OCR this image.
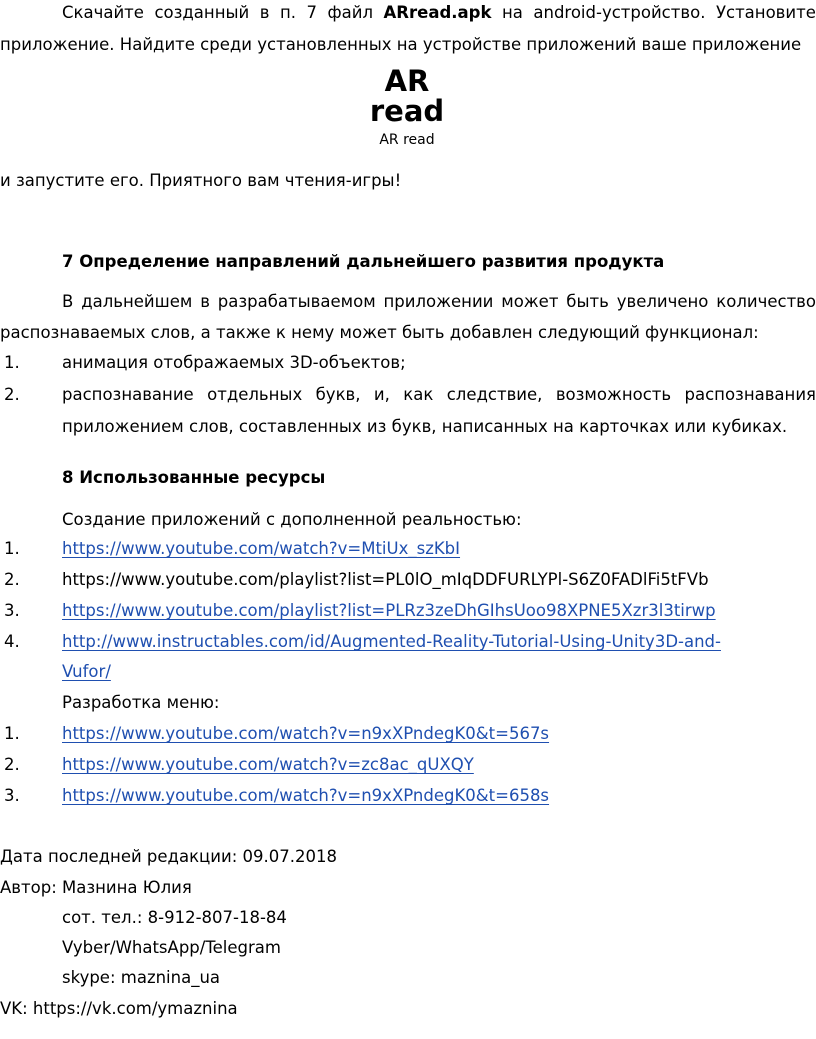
Скачайте созданный в п. 7 файл ARread.apk на android-устройство. Установите
приложение. Найдите среди установленных на устройстве приложений ваше приложение
AR
read
AR read
и запустите его. Приятного вам чтения-игры!
7 Определение направлений дальнейшего развития продукта
В дальнейшем в разрабатываемом приложении может быть увеличено количество
распознаваемых слов, а также к нему может быть добавлен следующий функционал:
1.	анимация отображаемых 3D-объектов;
2.	распознавание отдельных букв, и, как следствие, возможность распознавания
приложением слов, составленных из букв, написанных на карточках или кубиках.
8 Использованные ресурсы
Создание приложений с дополненной реальностью:
1.	https://www.youtube.com/watch?v=MtiUx_szKbI
2.	https://www.youtube.com/playlist?list=PL0lO_mIqDDFURLYPl-S6Z0FADlFi5tFVb
3.	https://www.youtube.com/playlist?list=PLRz3zeDhGIhsUoo98XPNE5Xzr3l3tirwp
4.	http://www.instructables.com/id/Augmented-Reality-Tutorial-Using-Unity3D-and-
Vufor/
Разработка меню:
1.	https://www.youtube.com/watch?v=n9xXPndegK0&t=567s
2.	https://www.youtube.com/watch?v=zc8ac_qUXQY
3.	https://www.youtube.com/watch?v=n9xXPndegK0&t=658s
Дата последней редакции: 09.07.2018
Автор: Мазнина Юлия
сот. тел.: 8-912-807-18-84
Vyber/WhatsApp/Telegram
skype: maznina_ua
VK: https://vk.com/ymaznina
